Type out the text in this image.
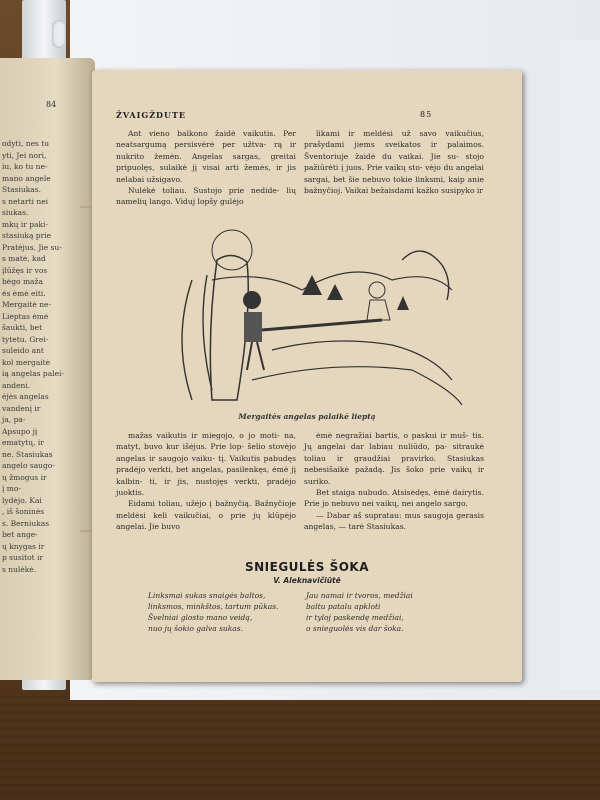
84
odyti, nes tu
yti, Jei nori,
iu, ko tu ne-
mano angele
Stasiukas.
s netarti nei
siukas.
mkų ir paki-
stasiuką prie
Pratėjus. Jie su-
s matė, kad
įlūžęs ir vos
bėgo maža
ės ėmė eiti.
Mergaitė ne-
Lieptas ėmė
šaukti, bet
tytetu. Grei-
suleido ant
kol mergaitė
ią angelas palei-
andeni.
ėjės angelas
vandenį ir
ja, pa-
Apsupo jį
ematytų, ir
ne. Stasiukas
angelo saugo-
ų žmogus ir
į mo-
lydėjo. Kai
, iš šoninės
s. Berniukas
bet ange-
ų knygas ir
p susitot ir
s nulėkė.
ŽVAIGŽDUTE	85

Ant vieno balkono žaidė vaikutis. Per neatsargumą persisvėrė per užtva- rą ir nukrito žemėn. Angelas sargas, greitai pripuolęs, sulaikė jį visai arti žemės, ir jis nelabai užsigavo.

Nulėkė toliau. Sustojo prie nedide- lių namelių lango. Viduj lopšy gulėjo

likami ir meldėsi už savo vaikučius, prašydami jiems sveikatos ir palaimos. Šventoriuje žaidė du vaikai. Jie su- stojo pažiūrėti į juos. Prie vaikų sto- vėjo du angelai sargai, bet šie nebuvo tokie linksmi, kaip anie bažnyčioj. Vaikai bežaisdami kažko susipyko ir

Mergaitės angelas palaikė lieptą

mažas vaikutis ir miegojo, o jo moti- na, matyt, buvo kur išėjus. Prie lop- šelio stovėjo angelas ir saugojo vaiku- tį. Vaikutis pabudęs pradėjo verkti, bet angelas, pasilenkęs, ėmė jį kalbin- ti, ir jis, nustojęs verkti, pradėjo juoktis.

Eidami toliau, užėjo į bažnyčią. Bažnyčioje meldėsi keli vaikučiai, o prie jų klūpėjo angelai. Jie buvo

ėmė negražiai bartis, o paskui ir muš- tis. Jų angelai dar labiau nuliūdo, pa- sitraukė toliau ir graudžiai pravirko. Stasiukas nebesišaikė pažadą. Jis šoko prie vaikų ir suriko.

Bet staiga nubudo. Atsisėdęs, ėmė dairytis. Prie jo nebuvo nei vaikų, nei angelo sargo.

— Dabar aš supratau: mus saugoja gerasis angelas, — tarė Stasiukas.

SNIEGULĖS ŠOKA
V. Aleknavičiūtė
Linksmai sukas snaigės baltos,
linksmos, minkštos, tartum pūkas.
Švelniai glosto mano veidą,
nuo jų šokio galva sukas.
Jau namai ir tvoros, medžiai
baltu patalu apkloti
ir tyloj paskendę medžiai,
o snieguolės vis dar šoka.
